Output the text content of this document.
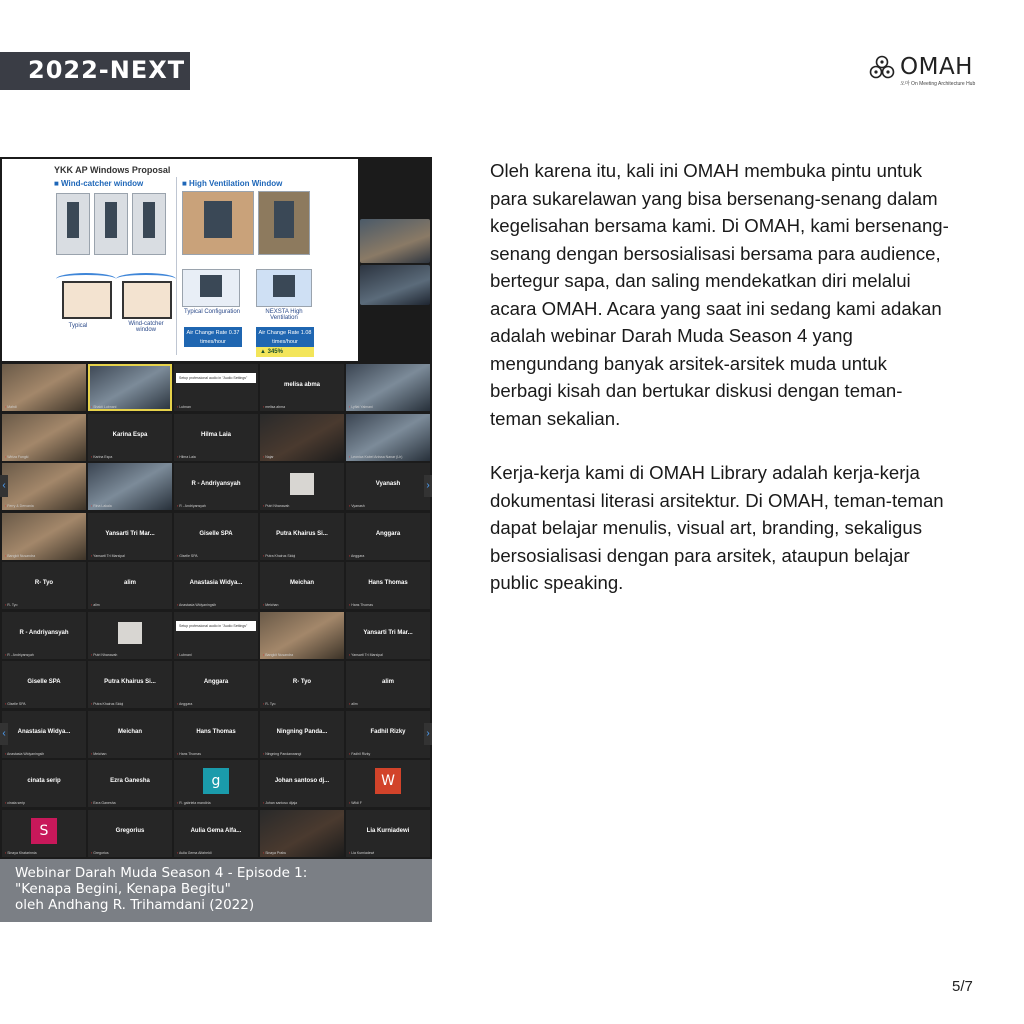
2022-NEXT	OMAH
오마 On Meeting Architecture Hub
YKK AP Windows Proposal
■ Wind-catcher window	■ High Ventilation Window
Typical	Wind-catcher window
Typical Configuration	NEXSTA High Ventilation
Air Change Rate 0.37 times/hour
Air Change Rate 1.08 times/hour
▲ 345%
▪ Mahdi	▪ Shakti Lubnani
Setup professional audio in "Audio Settings"
▪ Lubnan
melisa abma
▪ melisa abma	▪ Lyfiat Yalmani
▪ Wiriza Fungki
Karina Espa
▪ Karina Espa
Hilma Laia
▪ Hilma Laia	▪ Najar	▪ Leonica Kabel Anissa Nanar (Lh)
▪ Ferry & Dervania	▪ Rina Lakala
R - Andriyansyah
▪ R - Andriyansyah	▪ Putri Nhanavah
Vyanash
▪ Vyanash
▪ Bangkit Nusandra
Yansarti Tri Mar...
▪ Yansarti Tri Marsipal
Giselle SPA
▪ Giselle SPA
Putra Khairus Si...
▪ Putra Khairus Sidqi
Anggara
▪ Anggara
R- Tyo
▪ R- Tyo
alim
▪ alim
Anastasia Widya...
▪ Anastasia Widyaningsih
Meichan
▪ Meichan
Hans Thomas
▪ Hans Thomas
R - Andriyansyah
▪ R - Andriyansyah	▪ Putri Nhanavah
Setup professional audio in "Audio Settings"
▪ Lubnani	▪ Bangkit Nusandra
Yansarti Tri Mar...
▪ Yansarti Tri Marsipal
Giselle SPA
▪ Giselle SPA
Putra Khairus Si...
▪ Putra Khairus Sidqi
Anggara
▪ Anggara
R- Tyo
▪ R- Tyo
alim
▪ alim
Anastasia Widya...
▪ Anastasia Widyaningsih
Meichan
▪ Meichan
Hans Thomas
▪ Hans Thomas
Ningning Panda...
▪ Ningning Pandanwangi
Fadhil Rizky
▪ Fadhil Rizky
cinata serip
▪ cinata serip
Ezra Ganesha
▪ Ezra Ganesha
g
▪ R. gabriela mandiria
Johan santoso dj...
▪ Johan santoso dijaja
W
▪ Wildi F
S
▪ Sinaya Khatarinnia
Gregorius
▪ Gregorius
Aulia Gema Alfa...
▪ Aulia Gema Alfaheldi	▪ Sinaya Prabu
Lia Kurniadewi
▪ Lia Kurniadewi
‹	›
‹	›
Webinar Darah Muda Season 4 - Episode 1:
"Kenapa Begini, Kenapa Begitu"
oleh Andhang R. Trihamdani (2022)

Oleh karena itu, kali ini OMAH membuka pintu untuk para sukarelawan yang bisa bersenang-senang dalam kegelisahan bersama kami. Di OMAH, kami bersenang-senang dengan bersosialisasi bersama para audience, bertegur sapa, dan saling mendekatkan diri melalui acara OMAH. Acara yang saat ini sedang kami adakan adalah webinar Darah Muda Season 4 yang mengundang banyak arsitek-arsitek muda untuk berbagi kisah dan bertukar diskusi dengan teman-teman sekalian.

Kerja-kerja kami di OMAH Library adalah kerja-kerja dokumentasi literasi arsitektur. Di OMAH, teman-teman dapat belajar menulis, visual art, branding, sekaligus bersosialisasi dengan para arsitek, ataupun belajar public speaking.

5/7
